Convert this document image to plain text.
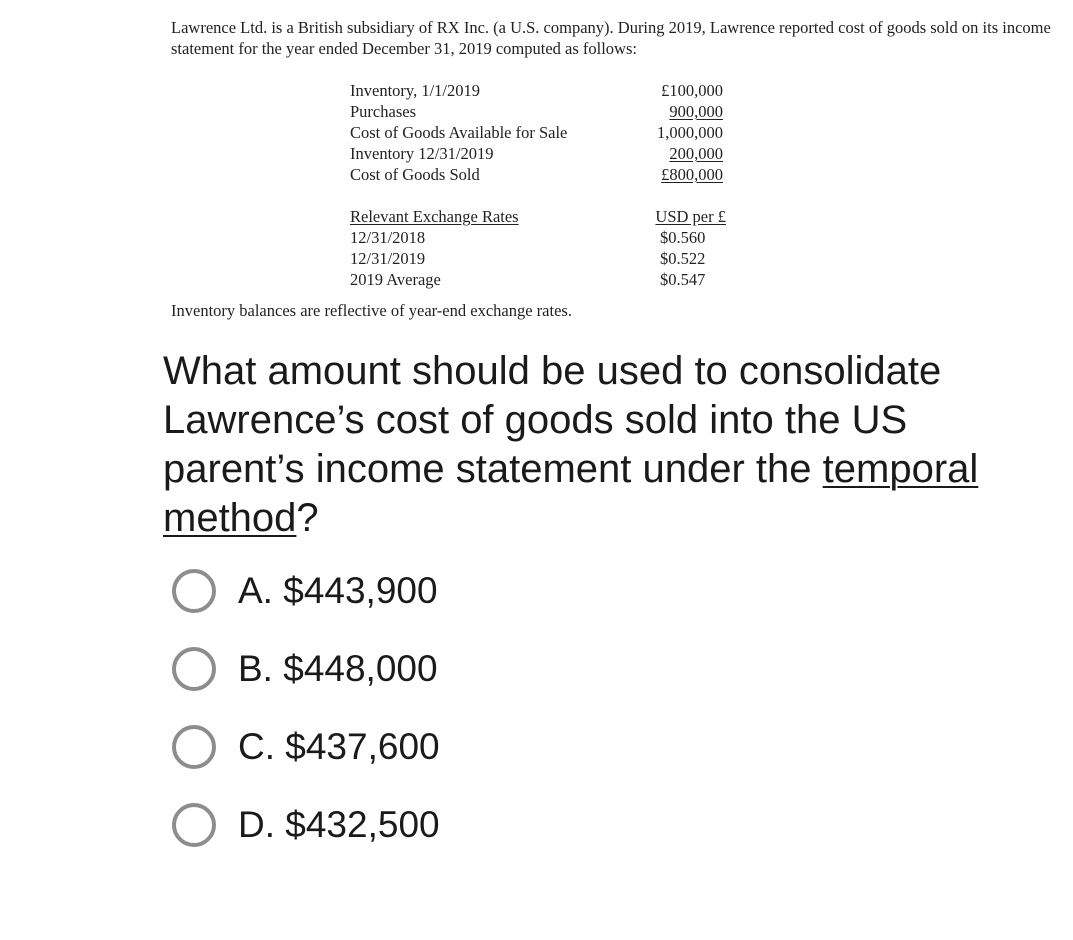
Lawrence Ltd. is a British subsidiary of RX Inc. (a U.S. company). During 2019, Lawrence reported cost of goods sold on its income statement for the year ended December 31, 2019 computed as follows:
Inventory, 1/1/2019	£100,000
Purchases	900,000
Cost of Goods Available for Sale	1,000,000
Inventory 12/31/2019	200,000
Cost of Goods Sold	£800,000
Relevant Exchange Rates	USD per £
12/31/2018	$0.560
12/31/2019	$0.522
2019 Average	$0.547
Inventory balances are reflective of year-end exchange rates.
What amount should be used to consolidate Lawrence’s cost of goods sold into the US parent’s income statement under the temporal method?
A. $443,900
B. $448,000
C. $437,600
D. $432,500
